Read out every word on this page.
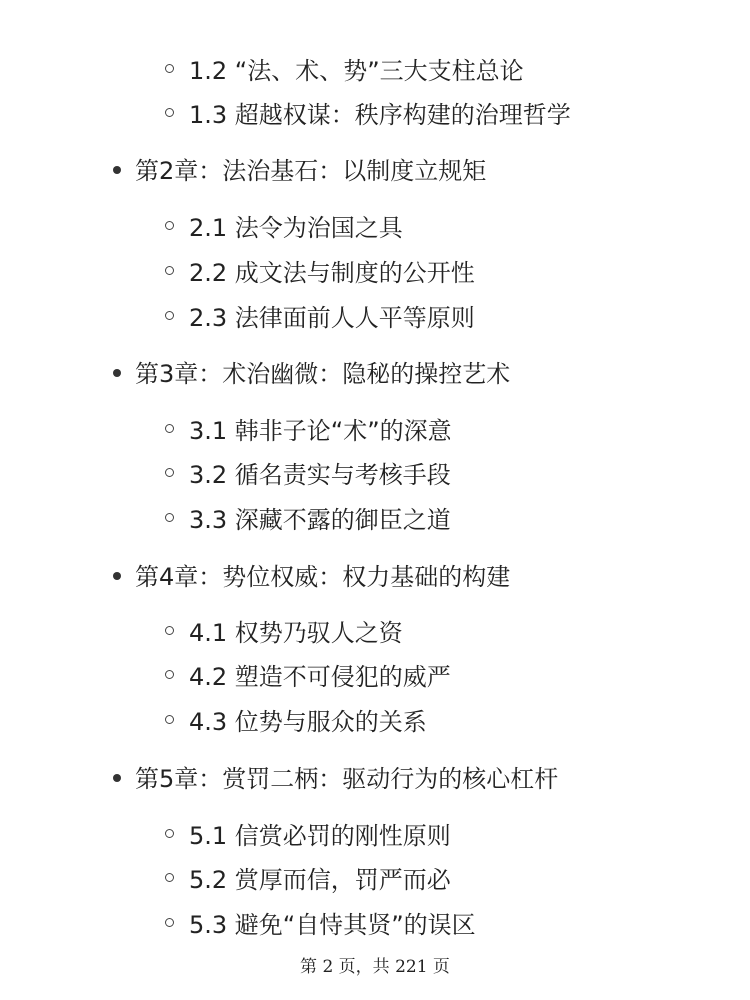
1.2 “法、术、势”三大支柱总论
1.3 超越权谋：秩序构建的治理哲学
第2章：法治基石：以制度立规矩
2.1 法令为治国之具
2.2 成文法与制度的公开性
2.3 法律面前人人平等原则
第3章：术治幽微：隐秘的操控艺术
3.1 韩非子论“术”的深意
3.2 循名责实与考核手段
3.3 深藏不露的御臣之道
第4章：势位权威：权力基础的构建
4.1 权势乃驭人之资
4.2 塑造不可侵犯的威严
4.3 位势与服众的关系
第5章：赏罚二柄：驱动行为的核心杠杆
5.1 信赏必罚的刚性原则
5.2 赏厚而信，罚严而必
5.3 避免“自恃其贤”的误区
第 2 页，共 221 页
